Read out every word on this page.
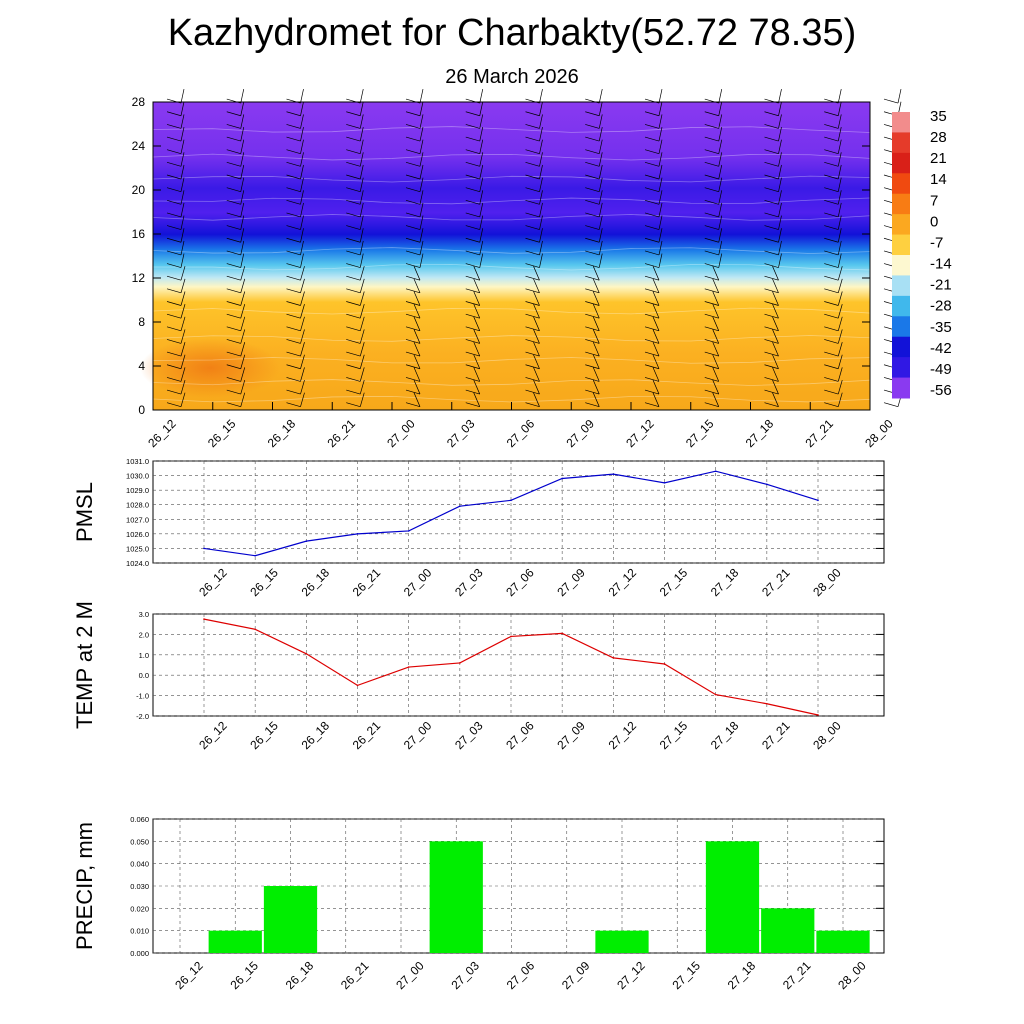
Kazhydromet for Charbakty(52.72 78.35)
26 March 2026
0
4
8
12
16
20
24
28
26_12 26_15 26_18 26_21 27_00 27_03 27_06 27_09 27_12 27_15 27_18 27_21 28_00
35
28
21
14
7
0
-7
-14
-21
-28
-35
-42
-49
-56
1024.0
1025.0
1026.0
1027.0
1028.0
1029.0
1030.0
1031.0
26_12 26_15 26_18 26_21 27_00 27_03 27_06 27_09 27_12 27_15 27_18 27_21 28_00
PMSL
-2.0
-1.0
0.0
1.0
2.0
3.0
26_12 26_15 26_18 26_21 27_00 27_03 27_06 27_09 27_12 27_15 27_18 27_21 28_00
TEMP at 2 M
0.000
0.010
0.020
0.030
0.040
0.050
0.060
26_12 26_15 26_18 26_21 27_00 27_03 27_06 27_09 27_12 27_15 27_18 27_21 28_00
PRECIP, mm
